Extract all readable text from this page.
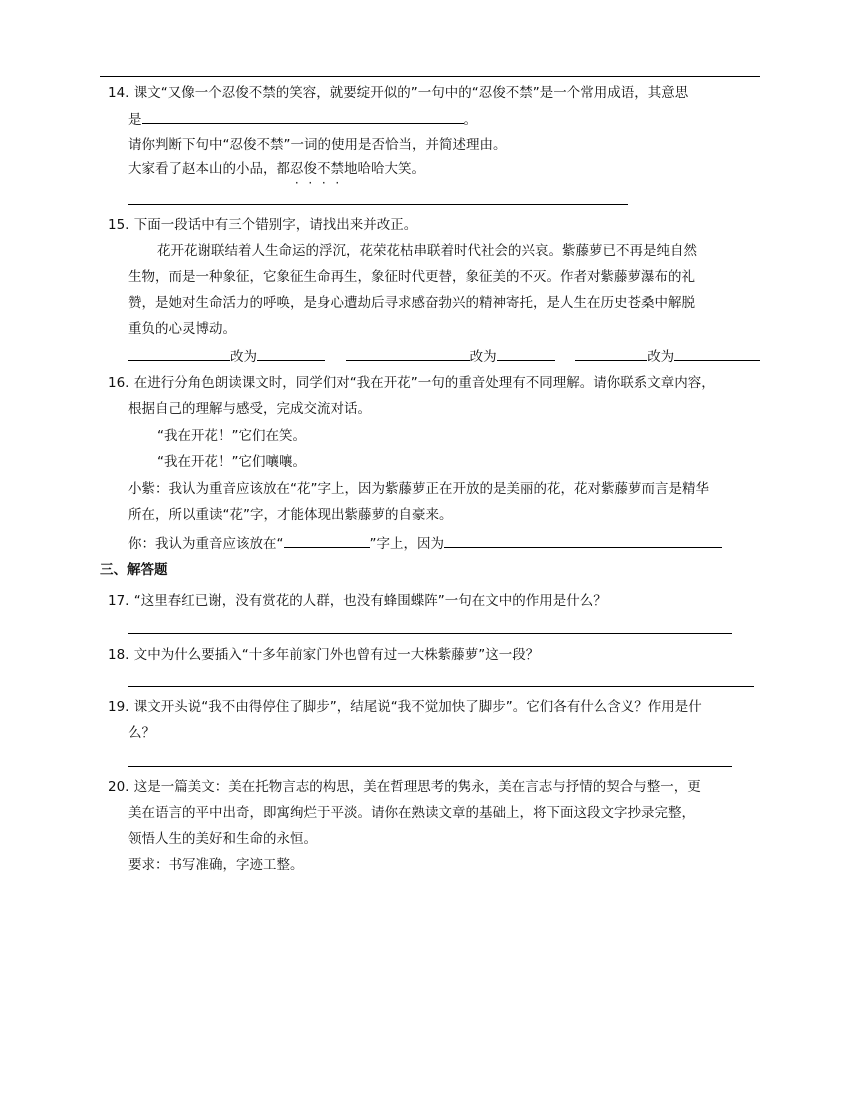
14. 课文“又像一个忍俊不禁的笑容，就要绽开似的”一句中的“忍俊不禁”是一个常用成语，其意思
是	。
请你判断下句中“忍俊不禁”一词的使用是否恰当，并简述理由。
大家看了赵本山的小品，都忍俊不禁地哈哈大笑。
15. 下面一段话中有三个错别字，请找出来并改正。
花开花谢联结着人生命运的浮沉，花荣花枯串联着时代社会的兴哀。紫藤萝已不再是纯自然
生物，而是一种象征，它象征生命再生，象征时代更替，象征美的不灭。作者对紫藤萝瀑布的礼
赞，是她对生命活力的呼唤，是身心遭劫后寻求感奋勃兴的精神寄托，是人生在历史苍桑中解脱
重负的心灵博动。
改为	改为	改为
16. 在进行分角色朗读课文时，同学们对“我在开花”一句的重音处理有不同理解。请你联系文章内容，
根据自己的理解与感受，完成交流对话。
“我在开花！”它们在笑。
“我在开花！”它们嚷嚷。
小紫：我认为重音应该放在“花”字上，因为紫藤萝正在开放的是美丽的花，花对紫藤萝而言是精华
所在，所以重读“花”字，才能体现出紫藤萝的自豪来。
你：我认为重音应该放在“	”字上，因为
三、解答题
17. “这里春红已谢，没有赏花的人群，也没有蜂围蝶阵”一句在文中的作用是什么？
18. 文中为什么要插入“十多年前家门外也曾有过一大株紫藤萝”这一段？
19. 课文开头说“我不由得停住了脚步”，结尾说“我不觉加快了脚步”。它们各有什么含义？作用是什
么？
20. 这是一篇美文：美在托物言志的构思，美在哲理思考的隽永，美在言志与抒情的契合与整一，更
美在语言的平中出奇，即寓绚烂于平淡。请你在熟读文章的基础上，将下面这段文字抄录完整，
领悟人生的美好和生命的永恒。
要求：书写准确，字迹工整。
